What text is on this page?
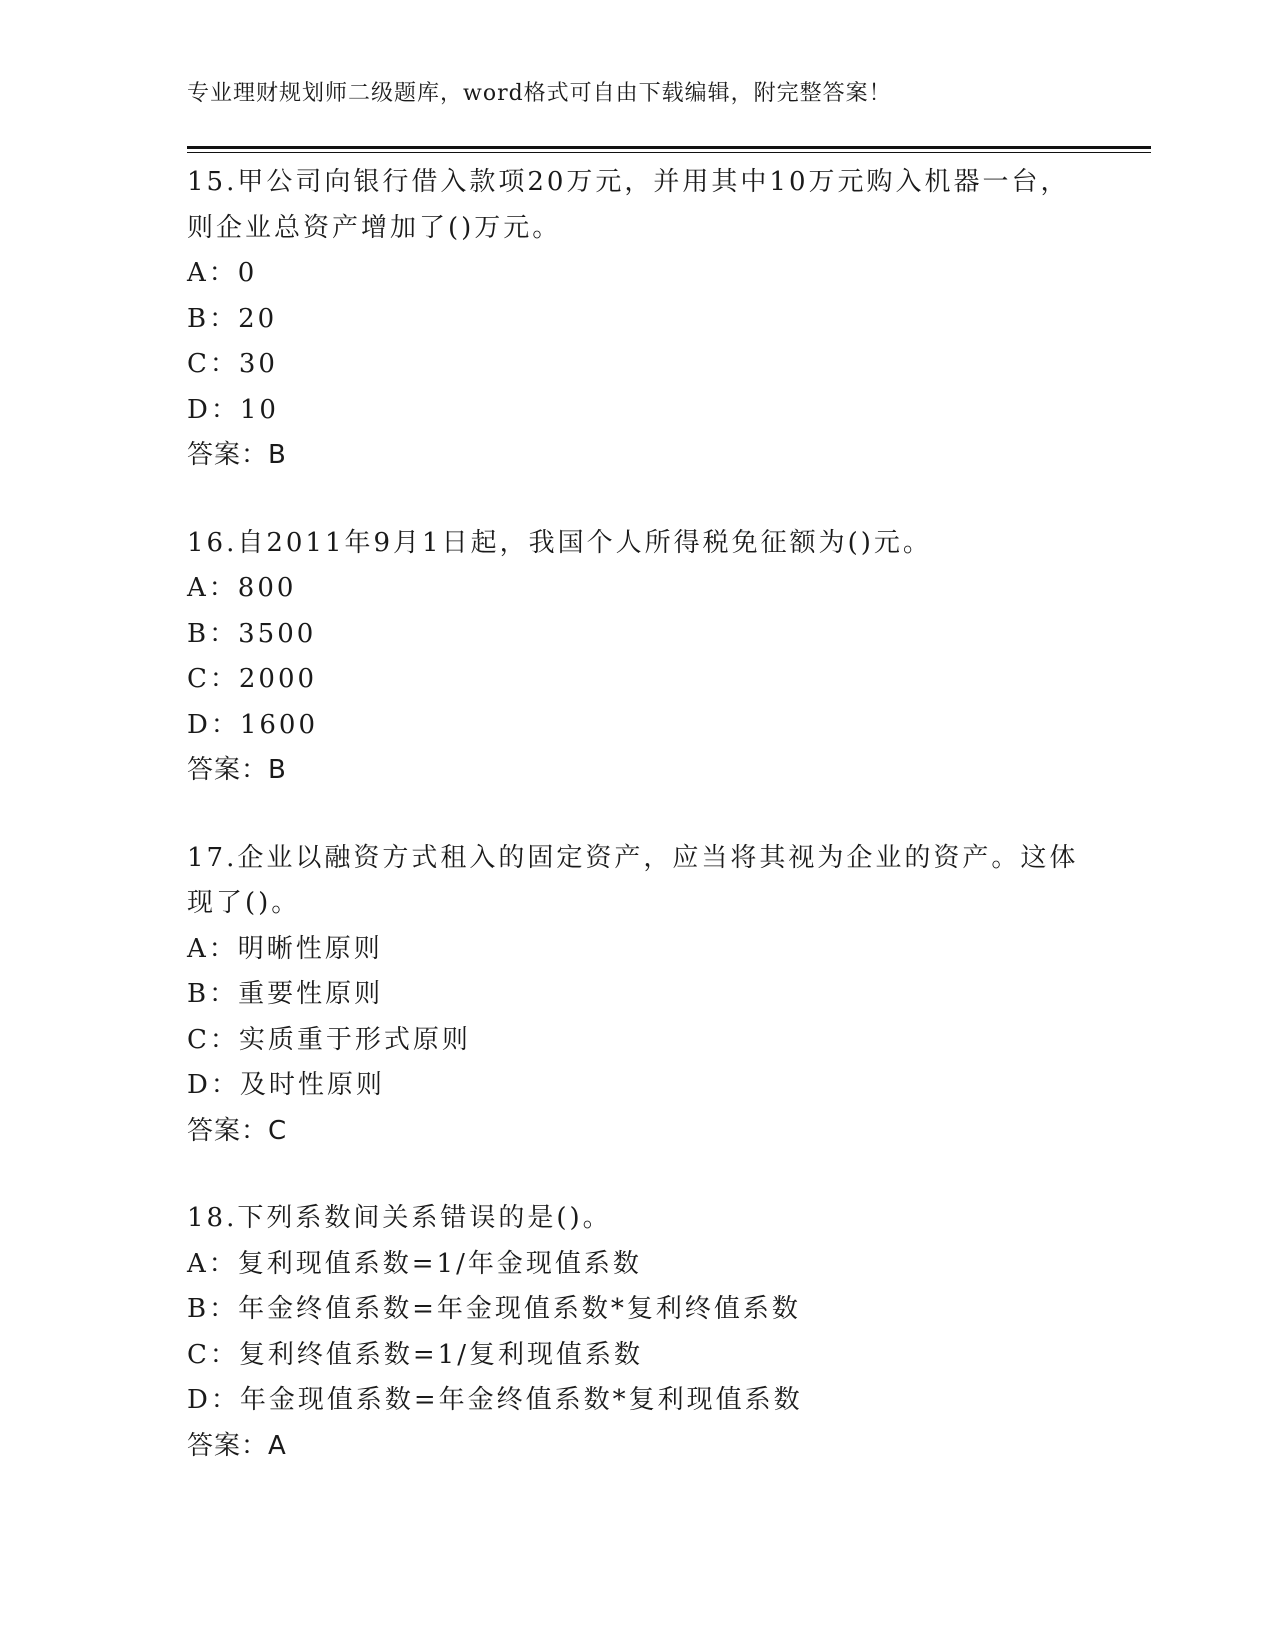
专业理财规划师二级题库，word格式可自由下载编辑，附完整答案！
15.甲公司向银行借入款项20万元，并用其中10万元购入机器一台，则企业总资产增加了()万元。
A：0
B：20
C：30
D：10
答案：B
16.自2011年9月1日起，我国个人所得税免征额为()元。
A：800
B：3500
C：2000
D：1600
答案：B
17.企业以融资方式租入的固定资产，应当将其视为企业的资产。这体现了()。
A：明晰性原则
B：重要性原则
C：实质重于形式原则
D：及时性原则
答案：C
18.下列系数间关系错误的是()。
A：复利现值系数=1/年金现值系数
B：年金终值系数=年金现值系数*复利终值系数
C：复利终值系数=1/复利现值系数
D：年金现值系数=年金终值系数*复利现值系数
答案：A
